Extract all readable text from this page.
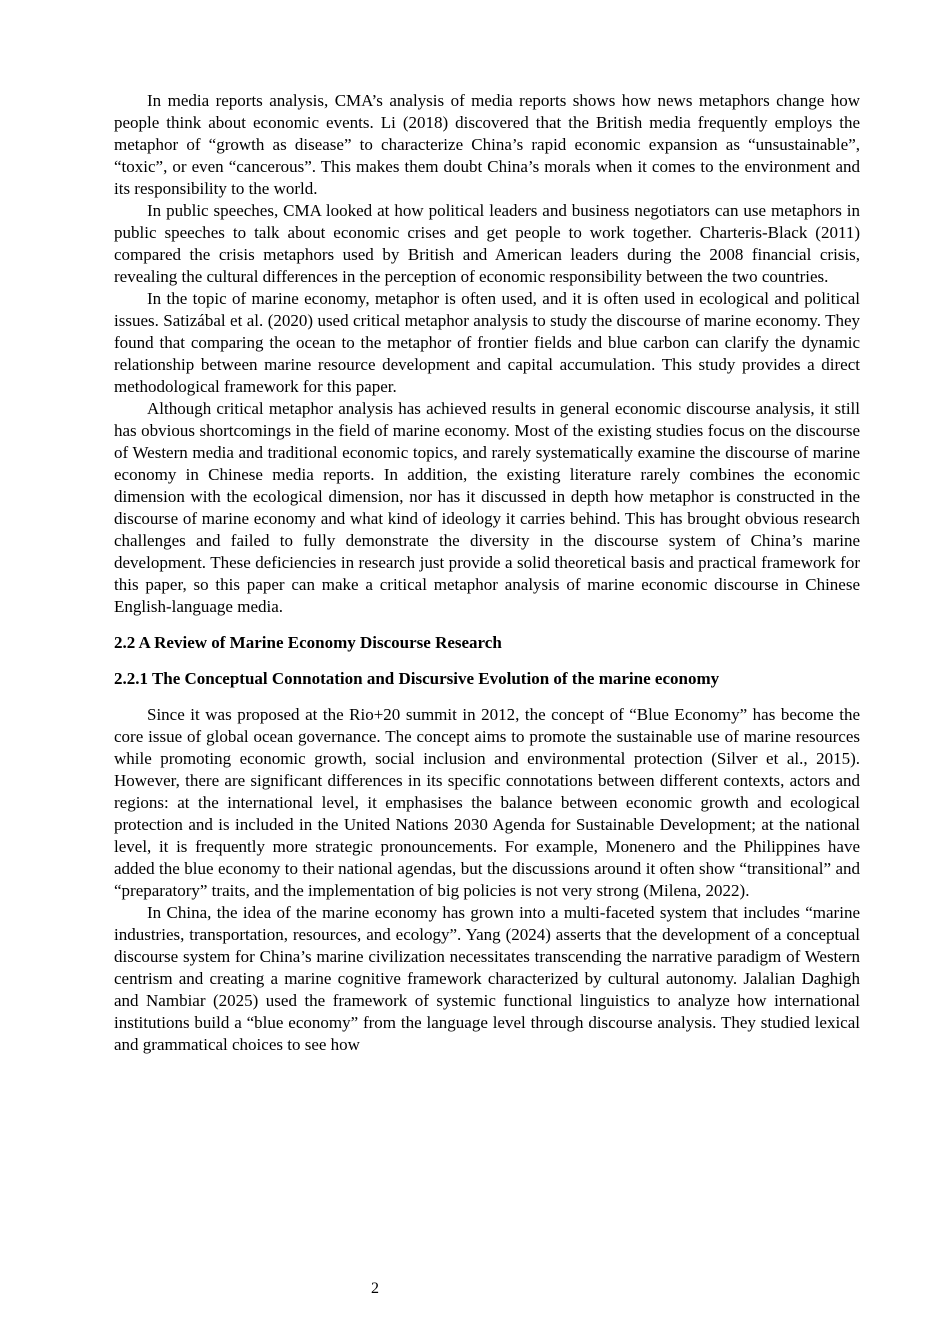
In media reports analysis, CMA’s analysis of media reports shows how news metaphors change how people think about economic events. Li (2018) discovered that the British media frequently employs the metaphor of “growth as disease” to characterize China’s rapid economic expansion as “unsustainable”, “toxic”, or even “cancerous”. This makes them doubt China’s morals when it comes to the environment and its responsibility to the world.

In public speeches, CMA looked at how political leaders and business negotiators can use metaphors in public speeches to talk about economic crises and get people to work together. Charteris-Black (2011) compared the crisis metaphors used by British and American leaders during the 2008 financial crisis, revealing the cultural differences in the perception of economic responsibility between the two countries.

In the topic of marine economy, metaphor is often used, and it is often used in ecological and political issues. Satizábal et al. (2020) used critical metaphor analysis to study the discourse of marine economy. They found that comparing the ocean to the metaphor of frontier fields and blue carbon can clarify the dynamic relationship between marine resource development and capital accumulation. This study provides a direct methodological framework for this paper.

Although critical metaphor analysis has achieved results in general economic discourse analysis, it still has obvious shortcomings in the field of marine economy. Most of the existing studies focus on the discourse of Western media and traditional economic topics, and rarely systematically examine the discourse of marine economy in Chinese media reports. In addition, the existing literature rarely combines the economic dimension with the ecological dimension, nor has it discussed in depth how metaphor is constructed in the discourse of marine economy and what kind of ideology it carries behind. This has brought obvious research challenges and failed to fully demonstrate the diversity in the discourse system of China’s marine development. These deficiencies in research just provide a solid theoretical basis and practical framework for this paper, so this paper can make a critical metaphor analysis of marine economic discourse in Chinese English-language media.

2.2 A Review of Marine Economy Discourse Research
2.2.1 The Conceptual Connotation and Discursive Evolution of the marine economy

Since it was proposed at the Rio+20 summit in 2012, the concept of “Blue Economy” has become the core issue of global ocean governance. The concept aims to promote the sustainable use of marine resources while promoting economic growth, social inclusion and environmental protection (Silver et al., 2015). However, there are significant differences in its specific connotations between different contexts, actors and regions: at the international level, it emphasises the balance between economic growth and ecological protection and is included in the United Nations 2030 Agenda for Sustainable Development; at the national level, it is frequently more strategic pronouncements. For example, Monenero and the Philippines have added the blue economy to their national agendas, but the discussions around it often show “transitional” and “preparatory” traits, and the implementation of big policies is not very strong (Milena, 2022).

In China, the idea of the marine economy has grown into a multi-faceted system that includes “marine industries, transportation, resources, and ecology”. Yang (2024) asserts that the development of a conceptual discourse system for China’s marine civilization necessitates transcending the narrative paradigm of Western centrism and creating a marine cognitive framework characterized by cultural autonomy. Jalalian Daghigh and Nambiar (2025) used the framework of systemic functional linguistics to analyze how international institutions build a “blue economy” from the language level through discourse analysis. They studied lexical and grammatical choices to see how

2
